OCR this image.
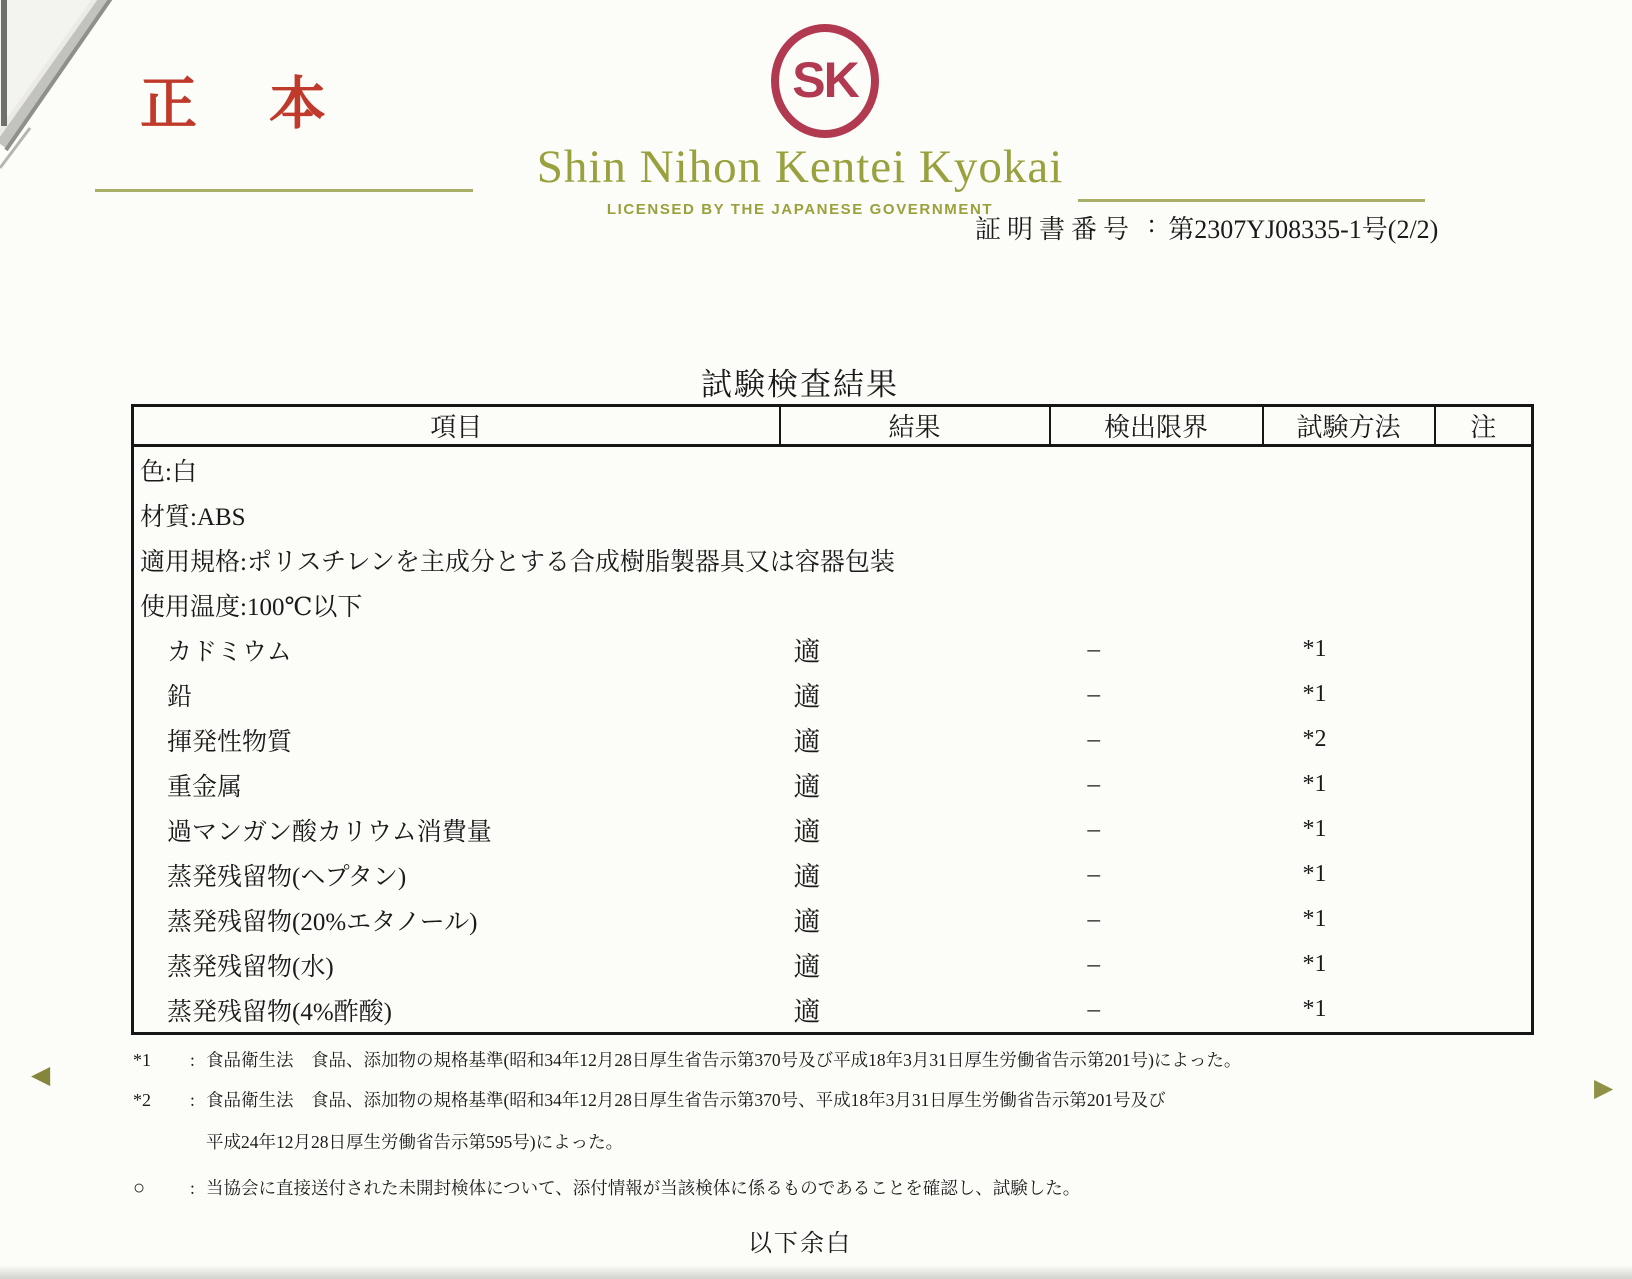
正本	SK
Shin Nihon Kentei Kyokai
LICENSED BY THE JAPANESE GOVERNMENT
証明書番号 : 第2307YJ08335-1号(2/2)
試験検査結果
項目	結果	検出限界	試験方法	注
色:白				
材質:ABS				
適用規格:ポリスチレンを主成分とする合成樹脂製器具又は容器包装				
使用温度:100℃以下				
カドミウム	適	–	*1	
鉛	適	–	*1	
揮発性物質	適	–	*2	
重金属	適	–	*1	
過マンガン酸カリウム消費量	適	–	*1	
蒸発残留物(ヘプタン)	適	–	*1	
蒸発残留物(20%エタノール)	適	–	*1	
蒸発残留物(水)	適	–	*1	
蒸発残留物(4%酢酸)	適	–	*1	
*1	: 食品衛生法　食品、添加物の規格基準(昭和34年12月28日厚生省告示第370号及び平成18年3月31日厚生労働省告示第201号)によった。
*2	: 食品衛生法　食品、添加物の規格基準(昭和34年12月28日厚生省告示第370号、平成18年3月31日厚生労働省告示第201号及び
平成24年12月28日厚生労働省告示第595号)によった。
○	: 当協会に直接送付された未開封検体について、添付情報が当該検体に係るものであることを確認し、試験した。
以下余白
◀	▶
